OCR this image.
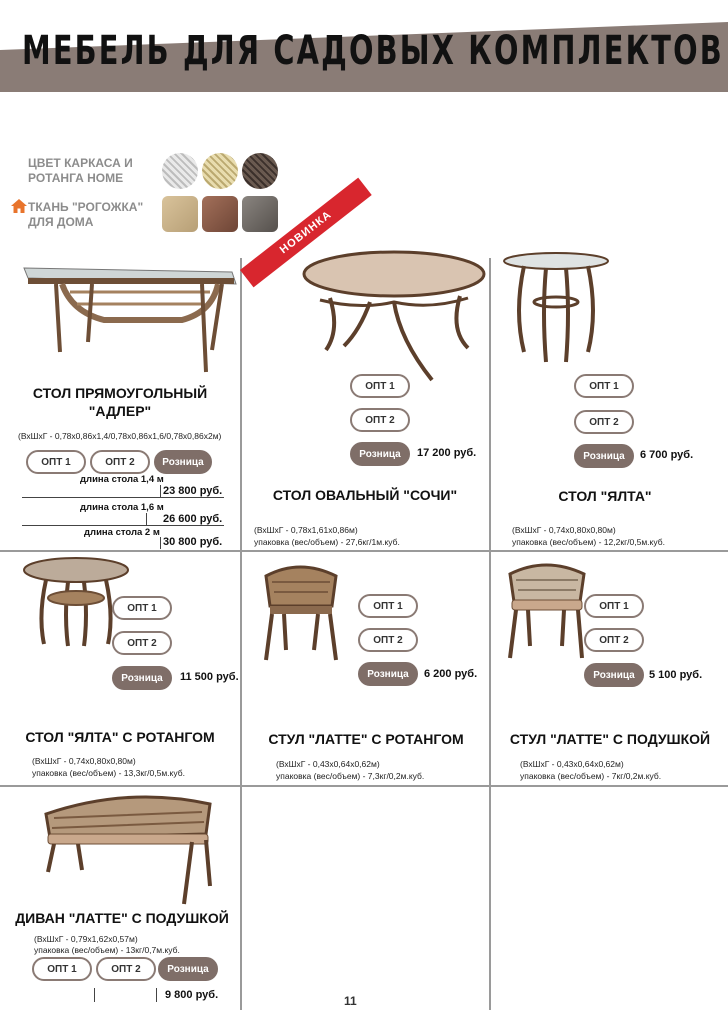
МЕБЕЛЬ ДЛЯ САДОВЫХ КОМПЛЕКТОВ
ЦВЕТ КАРКАСА И
РОТАНГА HOME
ТКАНЬ "РОГОЖКА"
ДЛЯ ДОМА
СТОЛ ПРЯМОУГОЛЬНЫЙ
"АДЛЕР"
(ВхШхГ - 0,78х0,86х1,4/0,78х0,86х1,6/0,78х0,86х2м)
ОПТ 1	ОПТ 2	Розница
длина стола 1,4 м
23 800 руб.
длина стола 1,6 м
26 600 руб.
длина стола 2 м
30 800 руб.
НОВИНКА
ОПТ 1
ОПТ 2
Розница	17 200 руб.
СТОЛ ОВАЛЬНЫЙ "СОЧИ"
(ВхШхГ - 0,78х1,61х0,86м)
упаковка (вес/объем) - 27,6кг/1м.куб.
ОПТ 1
ОПТ 2
Розница	6 700 руб.
СТОЛ "ЯЛТА"
(ВхШхГ - 0,74х0,80х0,80м)
упаковка (вес/объем) - 12,2кг/0,5м.куб.
ОПТ 1
ОПТ 2
Розница	11 500 руб.
СТОЛ "ЯЛТА" С РОТАНГОМ
(ВхШхГ - 0,74х0,80х0,80м)
упаковка (вес/объем) - 13,3кг/0,5м.куб.
ОПТ 1
ОПТ 2
Розница	6 200 руб.
СТУЛ "ЛАТТЕ" С РОТАНГОМ
(ВхШхГ - 0,43х0,64х0,62м)
упаковка (вес/объем) - 7,3кг/0,2м.куб.
ОПТ 1
ОПТ 2
Розница	5 100 руб.
СТУЛ "ЛАТТЕ" С ПОДУШКОЙ
(ВхШхГ - 0,43х0,64х0,62м)
упаковка (вес/объем) - 7кг/0,2м.куб.
ДИВАН "ЛАТТЕ" С ПОДУШКОЙ
(ВхШхГ - 0,79х1,62х0,57м)
упаковка (вес/объем) - 13кг/0,7м.куб.
ОПТ 1	ОПТ 2	Розница
9 800 руб.	11
